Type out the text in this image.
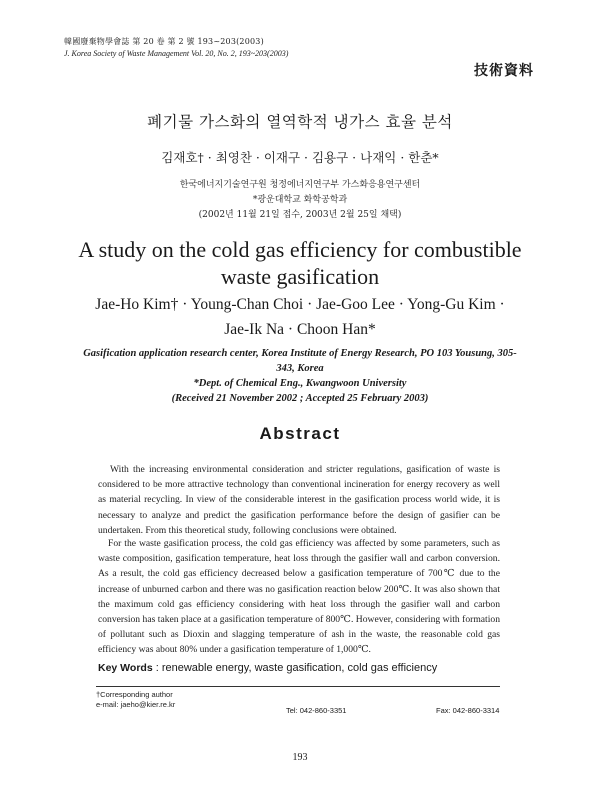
韓國廢棄物學會誌 第 20 卷 第 2 號 193~203(2003)
J. Korea Society of Waste Management Vol. 20, No. 2, 193~203(2003)
技術資料
폐기물 가스화의 열역학적 냉가스 효율 분석
김재호† · 최영찬 · 이재구 · 김용구 · 나재익 · 한춘*
한국에너지기술연구원 청정에너지연구부 가스화응용연구센터
*광운대학교 화학공학과
(2002년 11월 21일 접수, 2003년 2월 25일 채택)
A study on the cold gas efficiency for combustible waste gasification
Jae-Ho Kim† · Young-Chan Choi · Jae-Goo Lee · Yong-Gu Kim ·
Jae-Ik Na · Choon Han*
Gasification application research center, Korea Institute of Energy Research, PO 103 Yousung, 305-343, Korea
*Dept. of Chemical Eng., Kwangwoon University
(Received 21 November 2002 ; Accepted 25 February 2003)
Abstract
With the increasing environmental consideration and stricter regulations, gasification of waste is considered to be more attractive technology than conventional incineration for energy recovery as well as material recycling. In view of the considerable interest in the gasification process world wide, it is necessary to analyze and predict the gasification performance before the design of gasifier can be undertaken. From this theoretical study, following conclusions were obtained.
For the waste gasification process, the cold gas efficiency was affected by some parameters, such as waste composition, gasification temperature, heat loss through the gasifier wall and carbon conversion. As a result, the cold gas efficiency decreased below a gasification temperature of 700℃ due to the increase of unburned carbon and there was no gasification reaction below 200℃. It was also shown that the maximum cold gas efficiency considering with heat loss through the gasifier wall and carbon conversion has taken place at a gasification temperature of 800℃. However, considering with formation of pollutant such as Dioxin and slagging temperature of ash in the waste, the reasonable cold gas efficiency was about 80% under a gasification temperature of 1,000℃.
Key Words : renewable energy, waste gasification, cold gas efficiency
†Corresponding author
e-mail: jaeho@kier.re.kr
Tel: 042-860-3351	Fax: 042-860-3314
193
